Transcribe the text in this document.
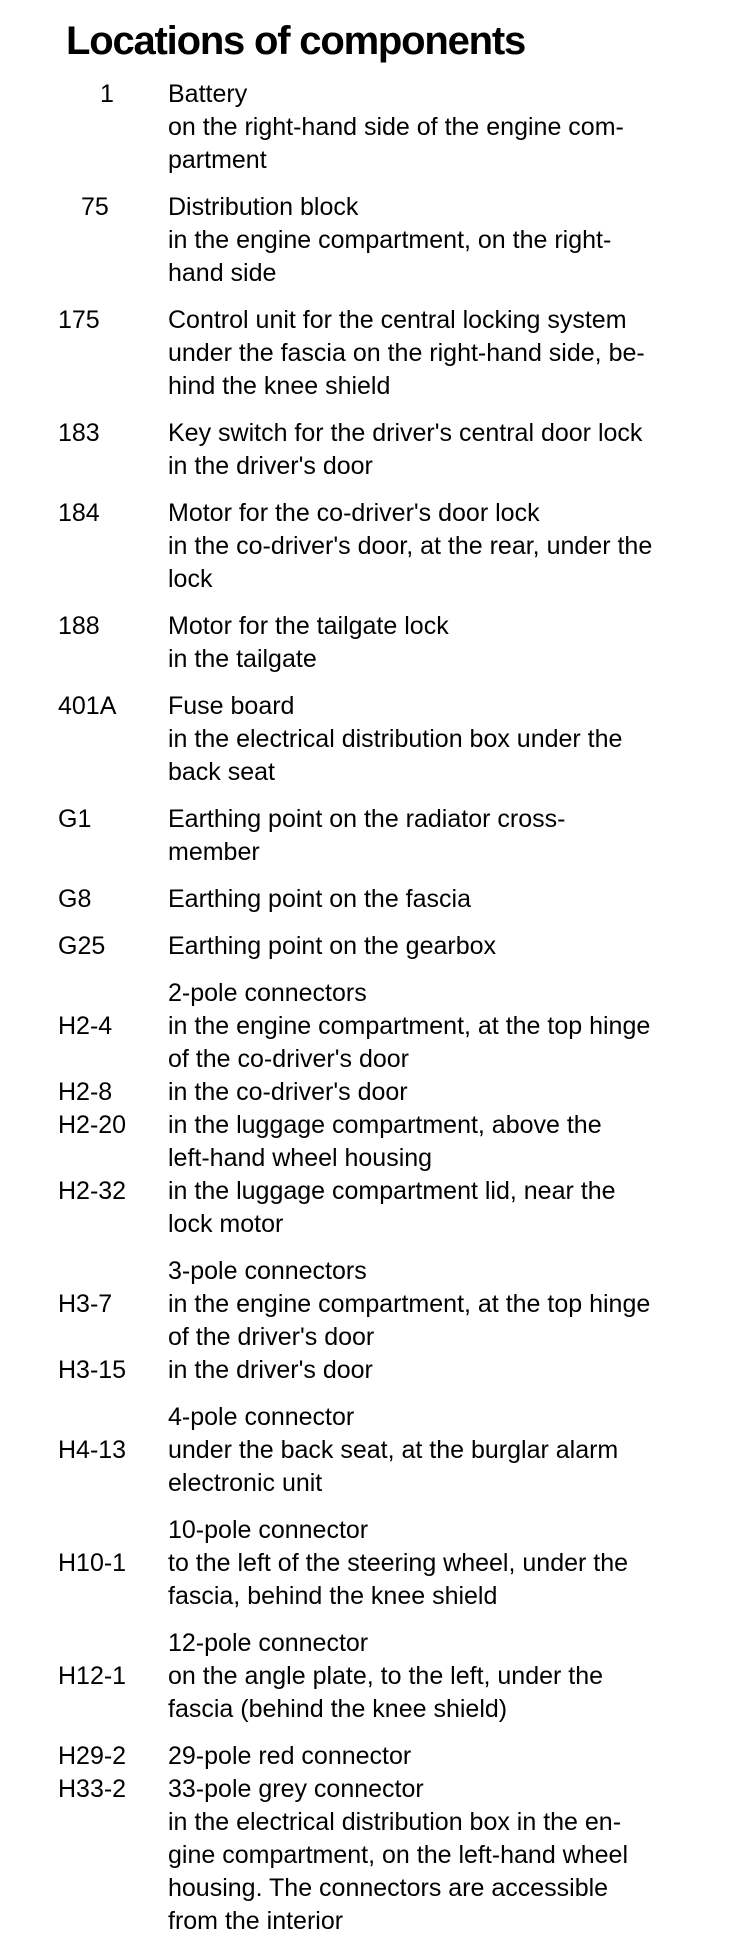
Locations of components
1	Battery
on the right-hand side of the engine com-
partment
75	Distribution block
in the engine compartment, on the right-
hand side
175	Control unit for the central locking system
under the fascia on the right-hand side, be-
hind the knee shield
183	Key switch for the driver's central door lock
in the driver's door
184	Motor for the co-driver's door lock
in the co-driver's door, at the rear, under the
lock
188	Motor for the tailgate lock
in the tailgate
401A	Fuse board
in the electrical distribution box under the
back seat
G1	Earthing point on the radiator cross-
member
G8	Earthing point on the fascia
G25	Earthing point on the gearbox
2-pole connectors
H2-4	in the engine compartment, at the top hinge
of the co-driver's door
H2-8	in the co-driver's door
H2-20	in the luggage compartment, above the
left-hand wheel housing
H2-32	in the luggage compartment lid, near the
lock motor
3-pole connectors
H3-7	in the engine compartment, at the top hinge
of the driver's door
H3-15	in the driver's door
4-pole connector
H4-13	under the back seat, at the burglar alarm
electronic unit
10-pole connector
H10-1	to the left of the steering wheel, under the
fascia, behind the knee shield
12-pole connector
H12-1	on the angle plate, to the left, under the
fascia (behind the knee shield)
H29-2	29-pole red connector
H33-2	33-pole grey connector
in the electrical distribution box in the en-
gine compartment, on the left-hand wheel
housing. The connectors are accessible
from the interior
